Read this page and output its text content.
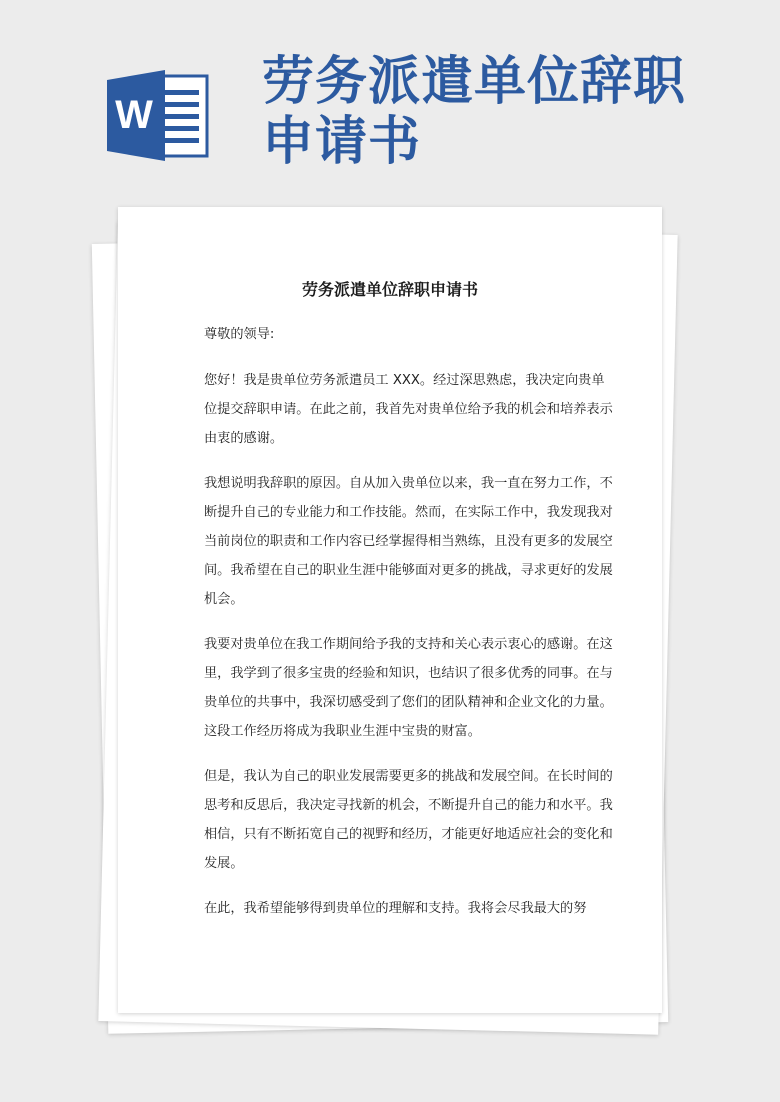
W
劳务派遣单位辞职申请书
劳务派遣单位辞职申请书

尊敬的领导:

您好！我是贵单位劳务派遣员工 XXX。经过深思熟虑，我决定向贵单位提交辞职申请。在此之前，我首先对贵单位给予我的机会和培养表示由衷的感谢。

我想说明我辞职的原因。自从加入贵单位以来，我一直在努力工作，不断提升自己的专业能力和工作技能。然而，在实际工作中，我发现我对当前岗位的职责和工作内容已经掌握得相当熟练，且没有更多的发展空间。我希望在自己的职业生涯中能够面对更多的挑战，寻求更好的发展机会。

我要对贵单位在我工作期间给予我的支持和关心表示衷心的感谢。在这里，我学到了很多宝贵的经验和知识，也结识了很多优秀的同事。在与贵单位的共事中，我深切感受到了您们的团队精神和企业文化的力量。这段工作经历将成为我职业生涯中宝贵的财富。

但是，我认为自己的职业发展需要更多的挑战和发展空间。在长时间的思考和反思后，我决定寻找新的机会，不断提升自己的能力和水平。我相信，只有不断拓宽自己的视野和经历，才能更好地适应社会的变化和发展。

在此，我希望能够得到贵单位的理解和支持。我将会尽我最大的努
